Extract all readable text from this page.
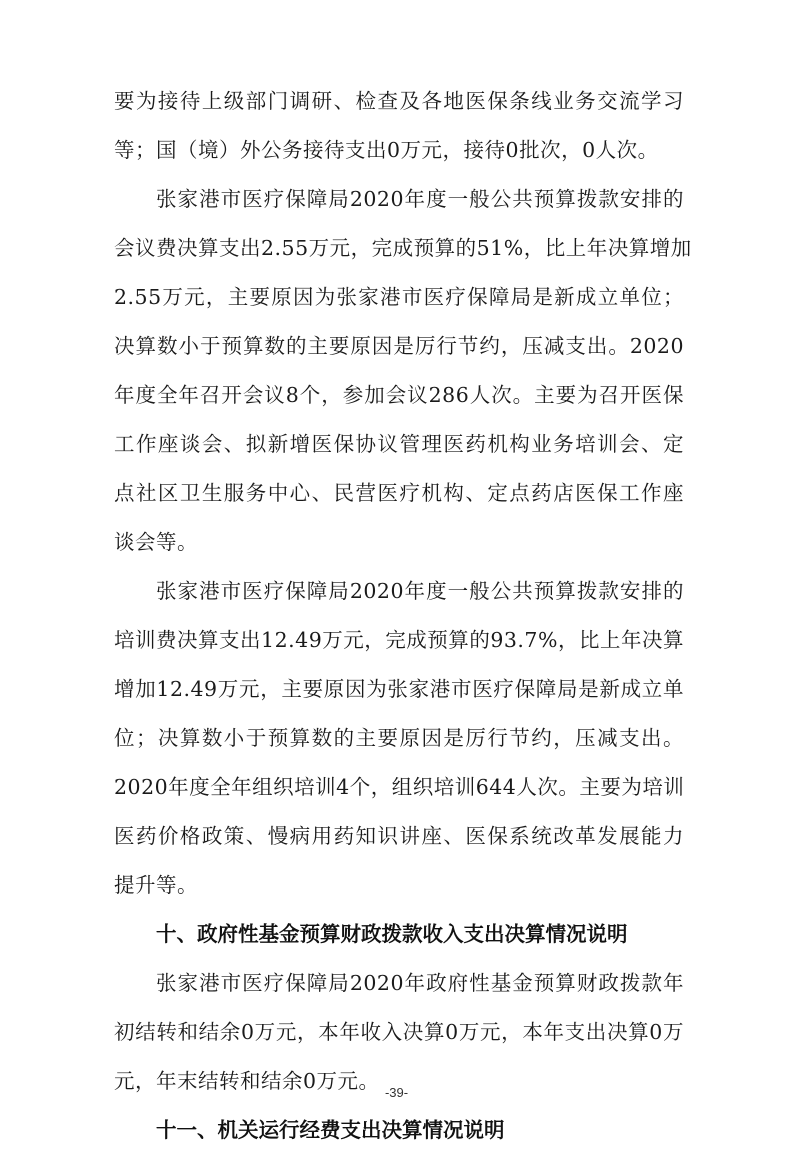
要为接待上级部门调研、检查及各地医保条线业务交流学习
等；国（境）外公务接待支出0万元，接待0批次，0人次。
张家港市医疗保障局2020年度一般公共预算拨款安排的
会议费决算支出2.55万元，完成预算的51%，比上年决算增加
2.55万元，主要原因为张家港市医疗保障局是新成立单位；
决算数小于预算数的主要原因是厉行节约，压减支出。2020
年度全年召开会议8个，参加会议286人次。主要为召开医保
工作座谈会、拟新增医保协议管理医药机构业务培训会、定
点社区卫生服务中心、民营医疗机构、定点药店医保工作座
谈会等。
张家港市医疗保障局2020年度一般公共预算拨款安排的
培训费决算支出12.49万元，完成预算的93.7%，比上年决算
增加12.49万元，主要原因为张家港市医疗保障局是新成立单
位；决算数小于预算数的主要原因是厉行节约，压减支出。
2020年度全年组织培训4个，组织培训644人次。主要为培训
医药价格政策、慢病用药知识讲座、医保系统改革发展能力
提升等。
十、政府性基金预算财政拨款收入支出决算情况说明
张家港市医疗保障局2020年政府性基金预算财政拨款年
初结转和结余0万元，本年收入决算0万元，本年支出决算0万
元，年末结转和结余0万元。
十一、机关运行经费支出决算情况说明
-39-
